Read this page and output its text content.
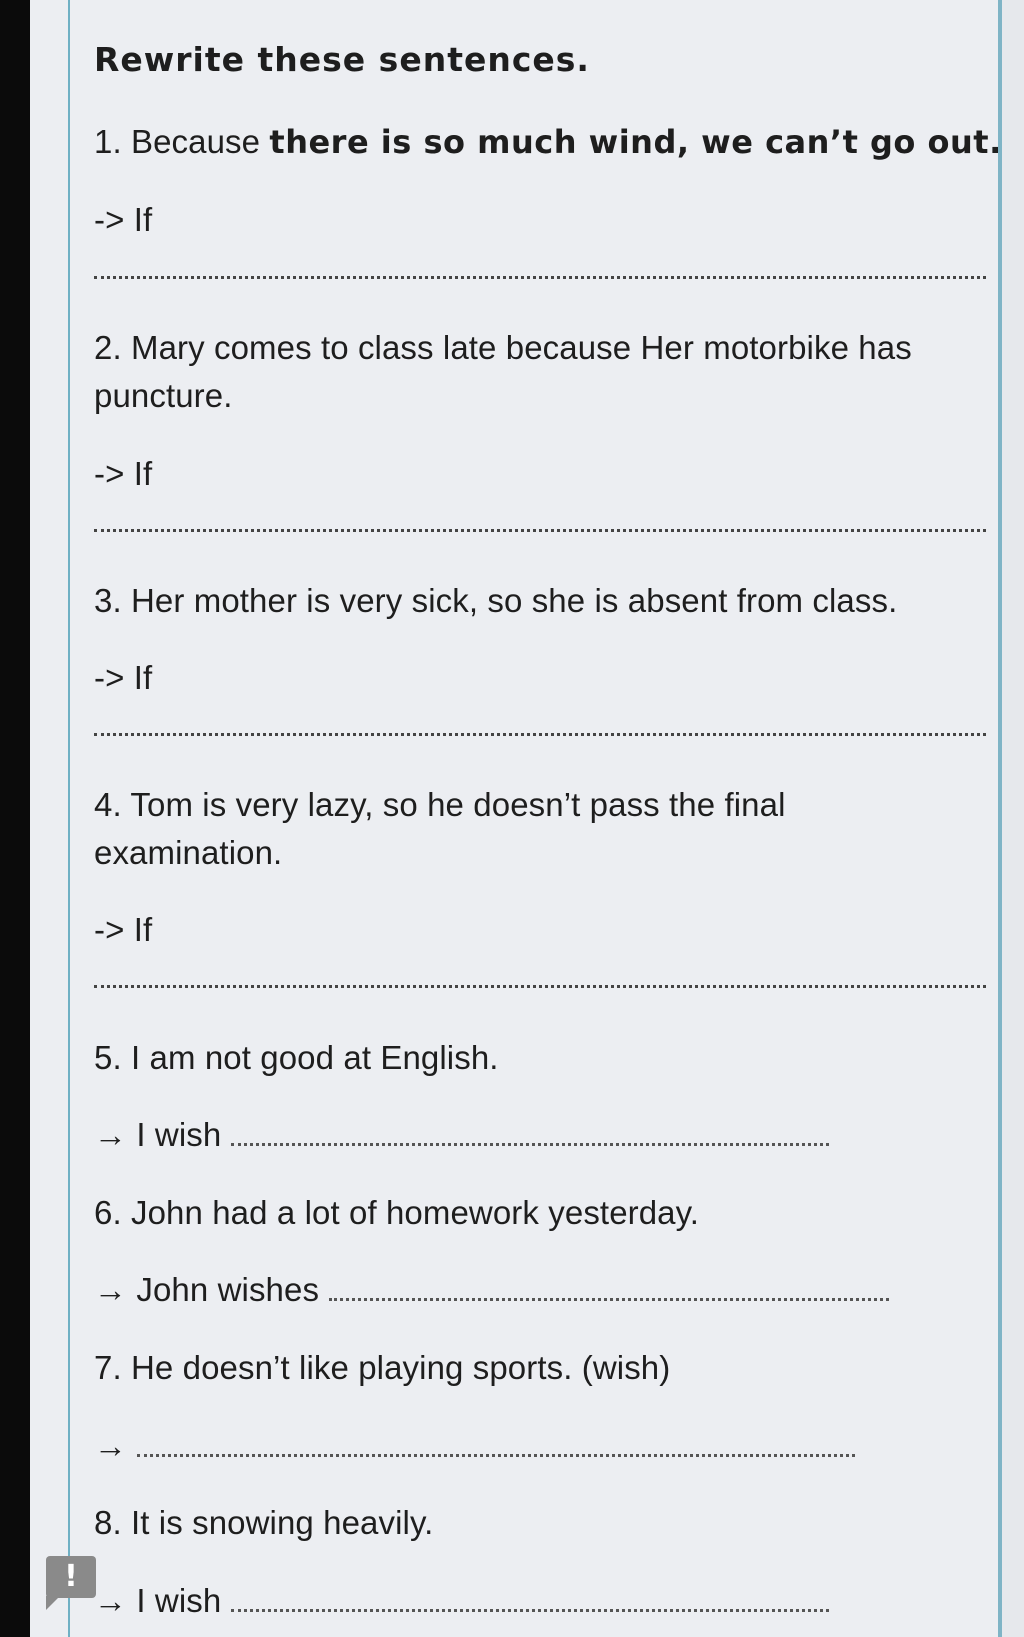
Rewrite these sentences.
1. Because there is so much wind, we can’t go out.
-> If
2. Mary comes to class late because Her motorbike has
puncture.
-> If
3. Her mother is very sick, so she is absent from class.
-> If
4. Tom is very lazy, so he doesn’t pass the final
examination.
-> If
5. I am not good at English.
→ I wish
6. John had a lot of homework yesterday.
→ John wishes
7. He doesn’t like playing sports. (wish)
→
8. It is snowing heavily.
!
→ I wish
